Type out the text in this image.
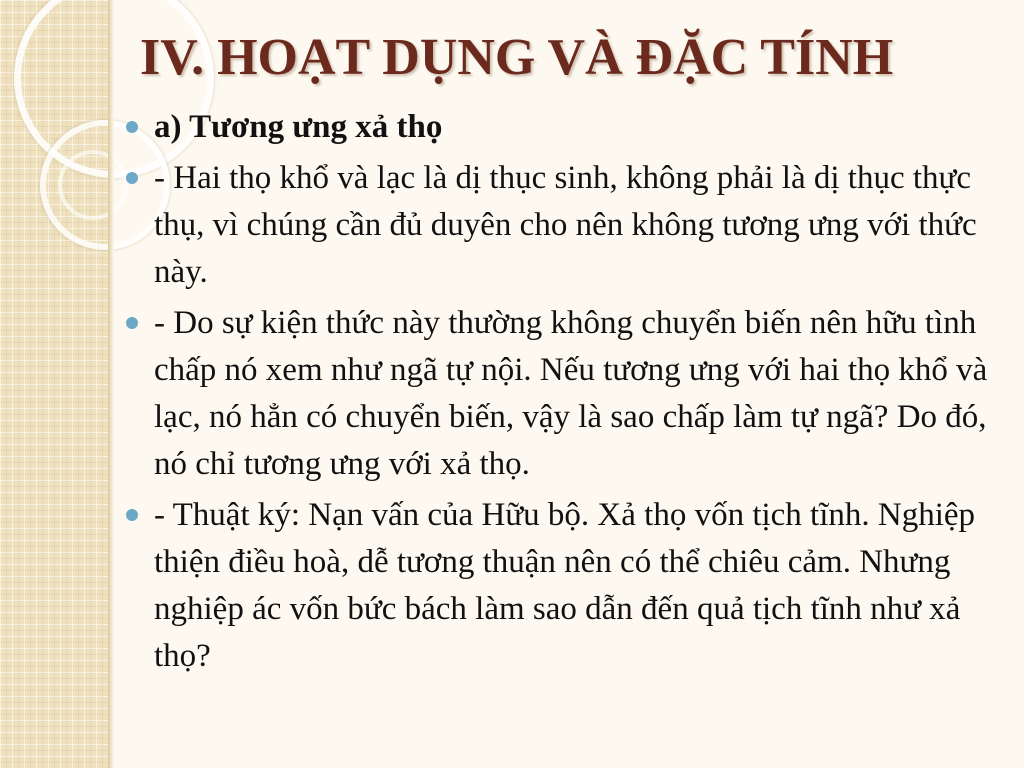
IV. HOẠT DỤNG VÀ ĐẶC TÍNH
a) Tương ưng xả thọ
- Hai thọ khổ và lạc là dị thục sinh, không phải là dị thục thực thụ, vì chúng cần đủ duyên cho nên không tương ưng với thức này.
- Do sự kiện thức này thường không chuyển biến nên hữu tình chấp nó xem như ngã tự nội. Nếu tương ưng với hai thọ khổ và lạc, nó hẳn có chuyển biến, vậy là sao chấp làm tự ngã? Do đó, nó chỉ tương ưng với xả thọ.
- Thuật ký: Nạn vấn của Hữu bộ. Xả thọ vốn tịch tĩnh. Nghiệp thiện điều hoà, dễ tương thuận nên có thể chiêu cảm. Nhưng nghiệp ác vốn bức bách làm sao dẫn đến quả tịch tĩnh như xả thọ?
